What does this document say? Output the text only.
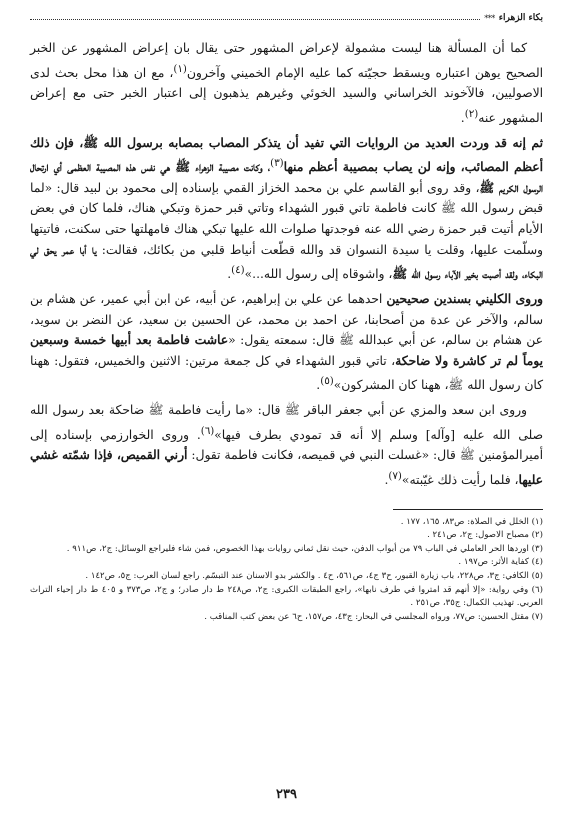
بكاء الزهراء
***

كما أن المسألة هنا ليست مشمولة لإعراض المشهور حتى يقال بان إعراض المشهور عن الخبر الصحيح يوهن اعتباره ويسقط حجيّته كما عليه الإمام الخميني وآخرون$^{(١)}$، مع ان هذا محل بحث لدى الاصوليين، فالآخوند الخراساني والسيد الخوئي وغيرهم يذهبون إلى اعتبار الخبر حتى مع إعراض المشهور عنه$^{(٢)}$.

ثم إنه قد وردت العديد من الروايات التي تفيد أن يتذكر المصاب بمصابه برسول الله ﷺ، فإن ذلك أعظم المصائب، وإنه لن يصاب بمصيبة أعظم منها$^{(٣)}$، وكانت مصيبة الزهراء ﷺ هي نفس هذه المصيبة العظمى أي ارتحال الرسول الكريم ﷺ، وقد روى أبو القاسم علي بن محمد الخزاز القمي بإسناده إلى محمود بن لبيد قال: «لما قبض رسول الله ﷺ كانت فاطمة تاتي قبور الشهداء وتاتي قبر حمزة وتبكي هناك، فلما كان في بعض الأيام أتيت قبر حمزة رضي الله عنه فوجدتها صلوات الله عليها تبكي هناك فامهلتها حتى سكنت، فاتيتها وسلّمت عليها، وقلت يا سيدة النسوان قد والله قطّعت أنياط قلبي من بكائك، فقالت: يا أبا عمر يحق لي البكاء، ولقد أصبت بخير الآباء رسول الله ﷺ، واشوقاه إلى رسول الله...»$^{(٤)}$.

وروى الكليني بسندين صحيحين احدهما عن علي بن إبراهيم، عن أبيه، عن ابن أبي عمير، عن هشام بن سالم، والآخر عن عدة من أصحابنا، عن احمد بن محمد، عن الحسين بن سعيد، عن النضر بن سويد، عن هشام بن سالم، عن أبي عبدالله ﷺ قال: سمعته يقول: «عاشت فاطمة بعد أبيها خمسة وسبعين يوماً لم تر كاشرة ولا ضاحكة، تاتي قبور الشهداء في كل جمعة مرتين: الاثنين والخميس، فتقول: ههنا كان رسول الله ﷺ، ههنا كان المشركون»$^{(٥)}$.

وروى ابن سعد والمزي عن أبي جعفر الباقر ﷺ قال: «ما رأيت فاطمة ﷺ ضاحكة بعد رسول الله صلى الله عليه [وآله] وسلم إلا أنه قد تمودي بطرف فيها»$^{(٦)}$. وروى الخوارزمي بإسناده إلى أميرالمؤمنين ﷺ قال: «غسلت النبي في قميصه، فكانت فاطمة تقول: أرني القميص، فإذا شمّته غشي عليها، فلما رأيت ذلك غيّبته»$^{(٧)}$.

(١) الخلل في الصلاة: ص٨٣، ١٦٥، ١٧٧ .

(٢) مصباح الاصول: ج٢، ص٢٤١ .

(٣) اوردها الحر العاملي في الباب ٧٩ من أبواب الدفن، حيث نقل ثماني روايات بهذا الخصوص، فمن شاء فليراجع الوسائل: ج٢، ص٩١١ .

(٤) كفاية الأثر: ص١٩٧ .

(٥) الكافي: ج٣، ص٢٢٨، باب زيارة القبور، ح٣ ج٤، ص٥٦١، ح٤ . والكشر بدو الاسنان عند التبسّم. راجع لسان العرب: ج٥، ص١٤٢ .

(٦) وفي رواية: «إلا أنهم قد امتروا في طرف نابها»، راجع الطبقات الكبرى: ج٢، ص٢٤٨ ط دار صادر؛ و ج٢، ص٣٧٣ و ٤٠٥ ط دار إحياء التراث العربي. تهذيب الكمال: ج٣٥، ص٢٥١ .

(٧) مقتل الحسين: ص٧٧، ورواه المجلسي في البحار: ج٤٣، ص١٥٧، ح٦ عن بعض كتب المناقب .

٢٣٩
